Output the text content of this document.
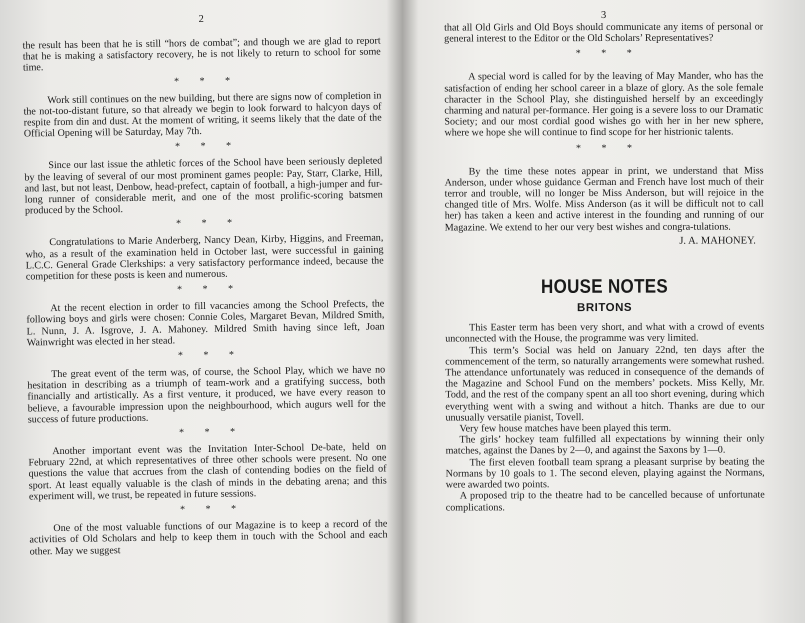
2

the result has been that he is still “hors de combat”; and though we are glad to report that he is making a satisfactory recovery, he is not likely to return to school for some time.

* * *

Work still continues on the new building, but there are signs now of completion in the not-too-distant future, so that already we begin to look forward to halcyon days of respite from din and dust. At the moment of writing, it seems likely that the date of the Official Opening will be Saturday, May 7th.

* * *

Since our last issue the athletic forces of the School have been seriously depleted by the leaving of several of our most prominent games people: Pay, Starr, Clarke, Hill, and last, but not least, Denbow, head-prefect, captain of football, a high-jumper and fur-long runner of considerable merit, and one of the most prolific-scoring batsmen produced by the School.

* * *

Congratulations to Marie Anderberg, Nancy Dean, Kirby, Higgins, and Freeman, who, as a result of the examination held in October last, were successful in gaining L.C.C. General Grade Clerkships: a very satisfactory performance indeed, because the competition for these posts is keen and numerous.

* * *

At the recent election in order to fill vacancies among the School Prefects, the following boys and girls were chosen: Connie Coles, Margaret Bevan, Mildred Smith, L. Nunn, J. A. Isgrove, J. A. Mahoney. Mildred Smith having since left, Joan Wainwright was elected in her stead.

* * *

The great event of the term was, of course, the School Play, which we have no hesitation in describing as a triumph of team-work and a gratifying success, both financially and artistically. As a first venture, it produced, we have every reason to believe, a favourable impression upon the neighbourhood, which augurs well for the success of future productions.

* * *

Another important event was the Invitation Inter-School De-bate, held on February 22nd, at which representatives of three other schools were present. No one questions the value that accrues from the clash of contending bodies on the field of sport. At least equally valuable is the clash of minds in the debating arena; and this experiment will, we trust, be repeated in future sessions.

* * *

One of the most valuable functions of our Magazine is to keep a record of the activities of Old Scholars and help to keep them in touch with the School and each other. May we suggest

3

that all Old Girls and Old Boys should communicate any items of personal or general interest to the Editor or the Old Scholars’ Representatives?

* * *

A special word is called for by the leaving of May Mander, who has the satisfaction of ending her school career in a blaze of glory. As the sole female character in the School Play, she distinguished herself by an exceedingly charming and natural per-formance. Her going is a severe loss to our Dramatic Society; and our most cordial good wishes go with her in her new sphere, where we hope she will continue to find scope for her histrionic talents.

* * *

By the time these notes appear in print, we understand that Miss Anderson, under whose guidance German and French have lost much of their terror and trouble, will no longer be Miss Anderson, but will rejoice in the changed title of Mrs. Wolfe. Miss Anderson (as it will be difficult not to call her) has taken a keen and active interest in the founding and running of our Magazine. We extend to her our very best wishes and congra-tulations.

J. A. MAHONEY.
HOUSE NOTES
BRITONS

This Easter term has been very short, and what with a crowd of events unconnected with the House, the programme was very limited.

This term’s Social was held on January 22nd, ten days after the commencement of the term, so naturally arrangements were somewhat rushed. The attendance unfortunately was reduced in consequence of the demands of the Magazine and School Fund on the members’ pockets. Miss Kelly, Mr. Todd, and the rest of the company spent an all too short evening, during which everything went with a swing and without a hitch. Thanks are due to our unusually versatile pianist, Tovell.

Very few house matches have been played this term.

The girls’ hockey team fulfilled all expectations by winning their only matches, against the Danes by 2—0, and against the Saxons by 1—0.

The first eleven football team sprang a pleasant surprise by beating the Normans by 10 goals to 1. The second eleven, playing against the Normans, were awarded two points.

A proposed trip to the theatre had to be cancelled because of unfortunate complications.
